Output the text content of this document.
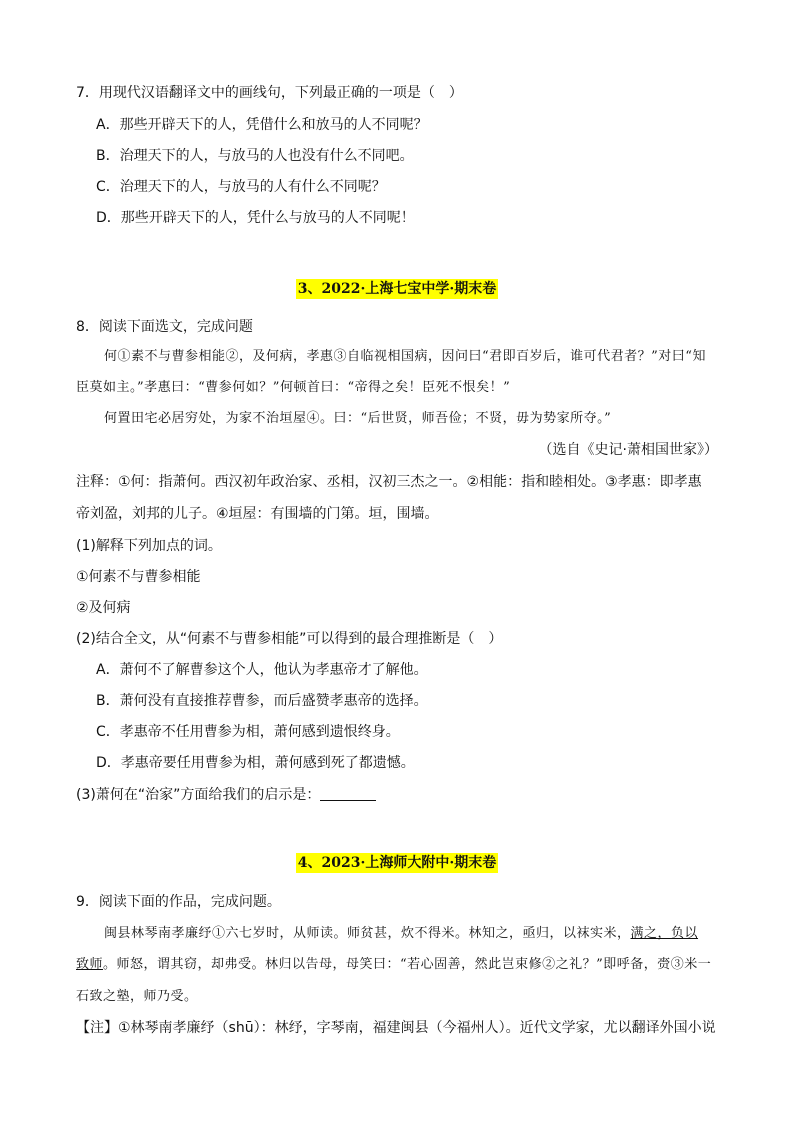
7．用现代汉语翻译文中的画线句，下列最正确的一项是（　）
A．那些开辟天下的人，凭借什么和放马的人不同呢？
B．治理天下的人，与放马的人也没有什么不同吧。
C．治理天下的人，与放马的人有什么不同呢？
D．那些开辟天下的人，凭什么与放马的人不同呢！
3、2022·上海七宝中学·期末卷
8．阅读下面选文，完成问题
何①素不与曹参相能②，及何病，孝惠③自临视相国病，因问曰“君即百岁后，谁可代君者？”对曰“知
臣莫如主。”孝惠曰：“曹参何如？”何顿首曰：“帝得之矣！臣死不恨矣！”
何置田宅必居穷处，为家不治垣屋④。曰：“后世贤，师吾俭；不贤，毋为势家所夺。”
（选自《史记·萧相国世家》）
注释：①何：指萧何。西汉初年政治家、丞相，汉初三杰之一。②相能：指和睦相处。③孝惠：即孝惠
帝刘盈，刘邦的儿子。④垣屋：有围墙的门第。垣，围墙。
(1)解释下列加点的词。
①何素不与曹参相能
②及何病
(2)结合全文，从“何素不与曹参相能”可以得到的最合理推断是（　）
A．萧何不了解曹参这个人，他认为孝惠帝才了解他。
B．萧何没有直接推荐曹参，而后盛赞孝惠帝的选择。
C．孝惠帝不任用曹参为相，萧何感到遗恨终身。
D．孝惠帝要任用曹参为相，萧何感到死了都遗憾。
(3)萧何在“治家”方面给我们的启示是：
4、2023·上海师大附中·期末卷
9．阅读下面的作品，完成问题。
闽县林琴南孝廉纾①六七岁时，从师读。师贫甚，炊不得米。林知之，亟归，以袜实米，满之，负以
致师。师怒，谓其窃，却弗受。林归以告母，母笑曰：“若心固善，然此岂束修②之礼？”即呼备，赍③米一
石致之塾，师乃受。
【注】①林琴南孝廉纾（shū）：林纾，字琴南，福建闽县（今福州人）。近代文学家，尤以翻译外国小说
